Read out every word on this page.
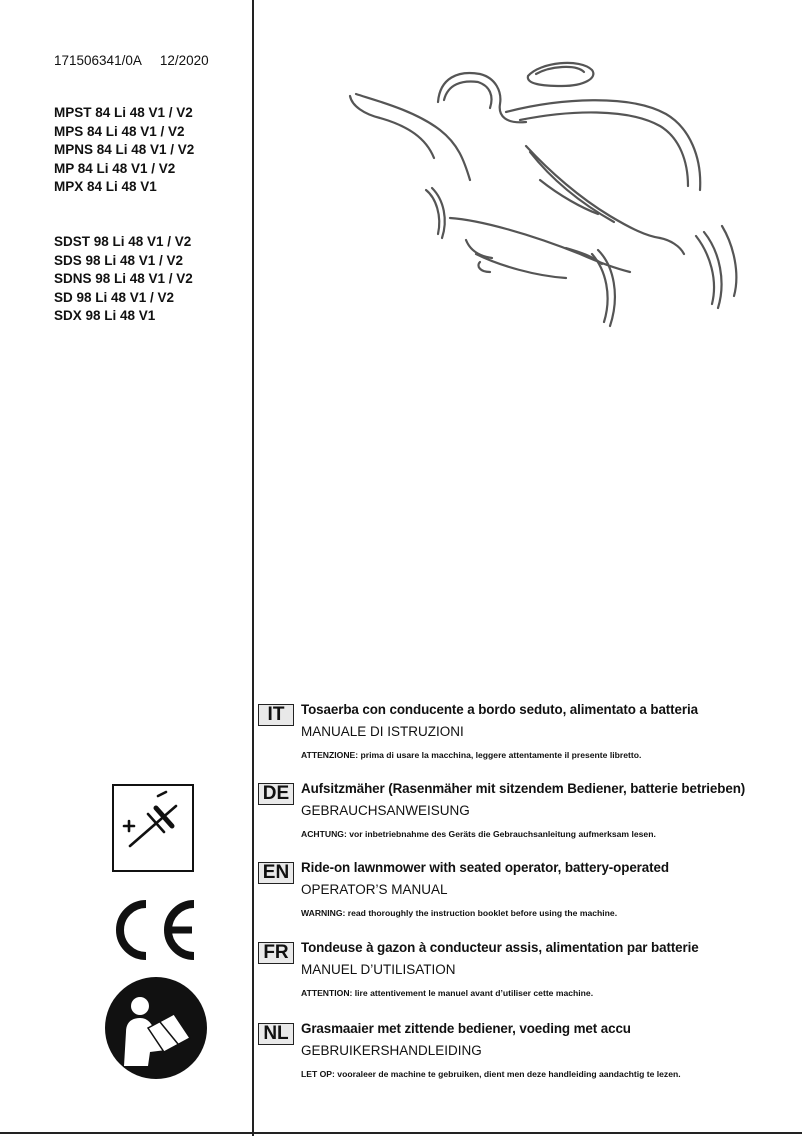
171506341/0A 12/2020
MPST 84 Li 48 V1 / V2
MPS 84 Li 48 V1 / V2
MPNS 84 Li 48 V1 / V2
MP 84 Li 48 V1 / V2
MPX 84 Li 48 V1
SDST 98 Li 48 V1 / V2
SDS 98 Li 48 V1 / V2
SDNS 98 Li 48 V1 / V2
SD 98 Li 48 V1 / V2
SDX 98 Li 48 V1
IT	Tosaerba con conducente a bordo seduto, alimentato a batteria
MANUALE DI ISTRUZIONI
ATTENZIONE: prima di usare la macchina, leggere attentamente il presente libretto.
DE Aufsitzmäher (Rasenmäher mit sitzendem Bediener, batterie betrieben)
GEBRAUCHSANWEISUNG
ACHTUNG: vor inbetriebnahme des Geräts die Gebrauchsanleitung aufmerksam lesen.
EN Ride-on lawnmower with seated operator, battery-operated
OPERATOR’S MANUAL
WARNING: read thoroughly the instruction booklet before using the machine.
FR Tondeuse à gazon à conducteur assis, alimentation par batterie
MANUEL D’UTILISATION
ATTENTION: lire attentivement le manuel avant d’utiliser cette machine.
NL Grasmaaier met zittende bediener, voeding met accu
GEBRUIKERSHANDLEIDING
LET OP: vooraleer de machine te gebruiken, dient men deze handleiding aandachtig te lezen.
